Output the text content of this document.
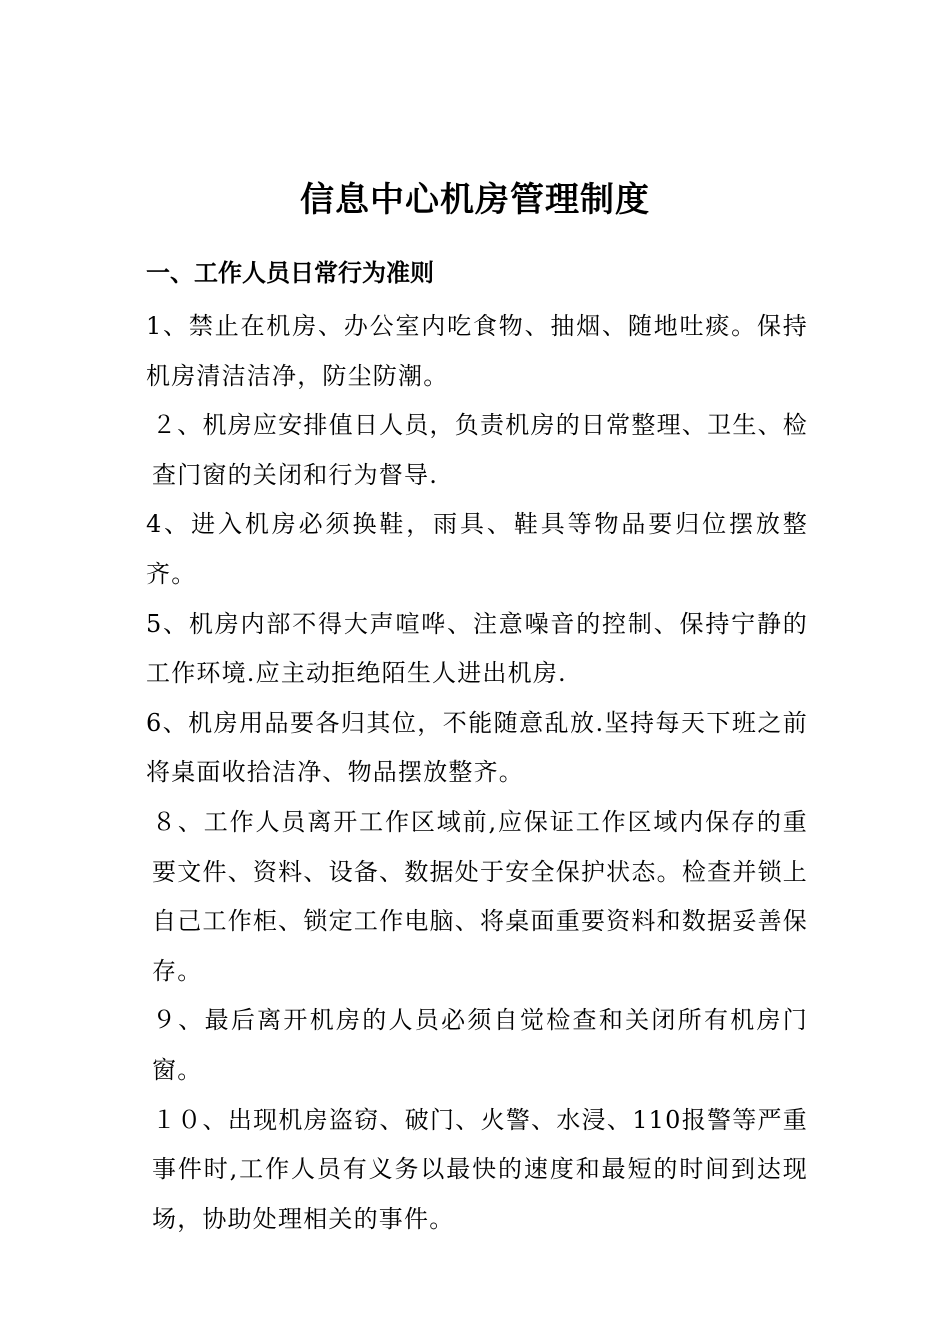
信息中心机房管理制度
一、工作人员日常行为准则

1、禁止在机房、办公室内吃食物、抽烟、随地吐痰。保持机房清洁洁净，防尘防潮。

２、机房应安排值日人员，负责机房的日常整理、卫生、检查门窗的关闭和行为督导.

4、进入机房必须换鞋，雨具、鞋具等物品要归位摆放整齐。

5、机房内部不得大声喧哗、注意噪音的控制、保持宁静的工作环境.应主动拒绝陌生人进出机房.

6、机房用品要各归其位，不能随意乱放.坚持每天下班之前将桌面收拾洁净、物品摆放整齐。

８、工作人员离开工作区域前,应保证工作区域内保存的重要文件、资料、设备、数据处于安全保护状态。检查并锁上自己工作柜、锁定工作电脑、将桌面重要资料和数据妥善保存。

９、最后离开机房的人员必须自觉检查和关闭所有机房门窗。

１０、出现机房盗窃、破门、火警、水浸、110报警等严重事件时,工作人员有义务以最快的速度和最短的时间到达现场，协助处理相关的事件。
